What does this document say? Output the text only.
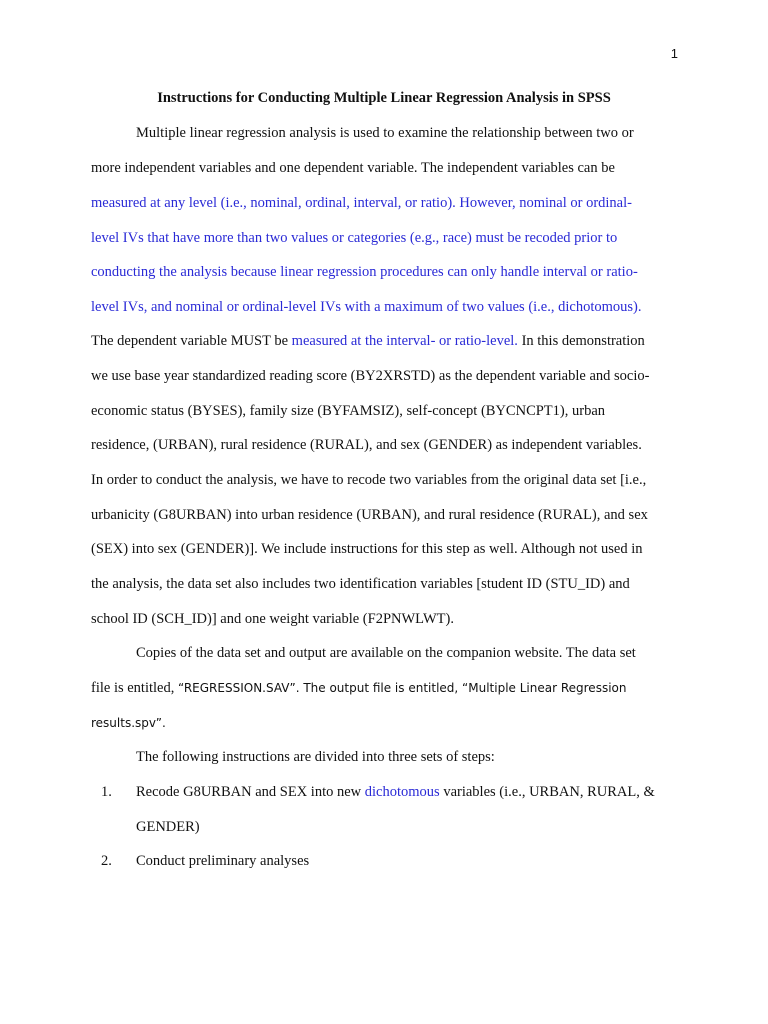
1
Instructions for Conducting Multiple Linear Regression Analysis in SPSS
Multiple linear regression analysis is used to examine the relationship between two or
more independent variables and one dependent variable. The independent variables can be
measured at any level (i.e., nominal, ordinal, interval, or ratio). However, nominal or ordinal-
level IVs that have more than two values or categories (e.g., race) must be recoded prior to
conducting the analysis because linear regression procedures can only handle interval or ratio-
level IVs, and nominal or ordinal-level IVs with a maximum of two values (i.e., dichotomous).
The dependent variable MUST be measured at the interval- or ratio-level. In this demonstration
we use base year standardized reading score (BY2XRSTD) as the dependent variable and socio-
economic status (BYSES), family size (BYFAMSIZ), self-concept (BYCNCPT1), urban
residence, (URBAN), rural residence (RURAL), and sex (GENDER) as independent variables.
In order to conduct the analysis, we have to recode two variables from the original data set [i.e.,
urbanicity (G8URBAN) into urban residence (URBAN), and rural residence (RURAL), and sex
(SEX) into sex (GENDER)]. We include instructions for this step as well. Although not used in
the analysis, the data set also includes two identification variables [student ID (STU_ID) and
school ID (SCH_ID)] and one weight variable (F2PNWLWT).
Copies of the data set and output are available on the companion website. The data set
file is entitled, “REGRESSION.SAV”. The output file is entitled, “Multiple Linear Regression
results.spv”.
The following instructions are divided into three sets of steps:
1. Recode G8URBAN and SEX into new dichotomous variables (i.e., URBAN, RURAL, &
GENDER)
2. Conduct preliminary analyses
